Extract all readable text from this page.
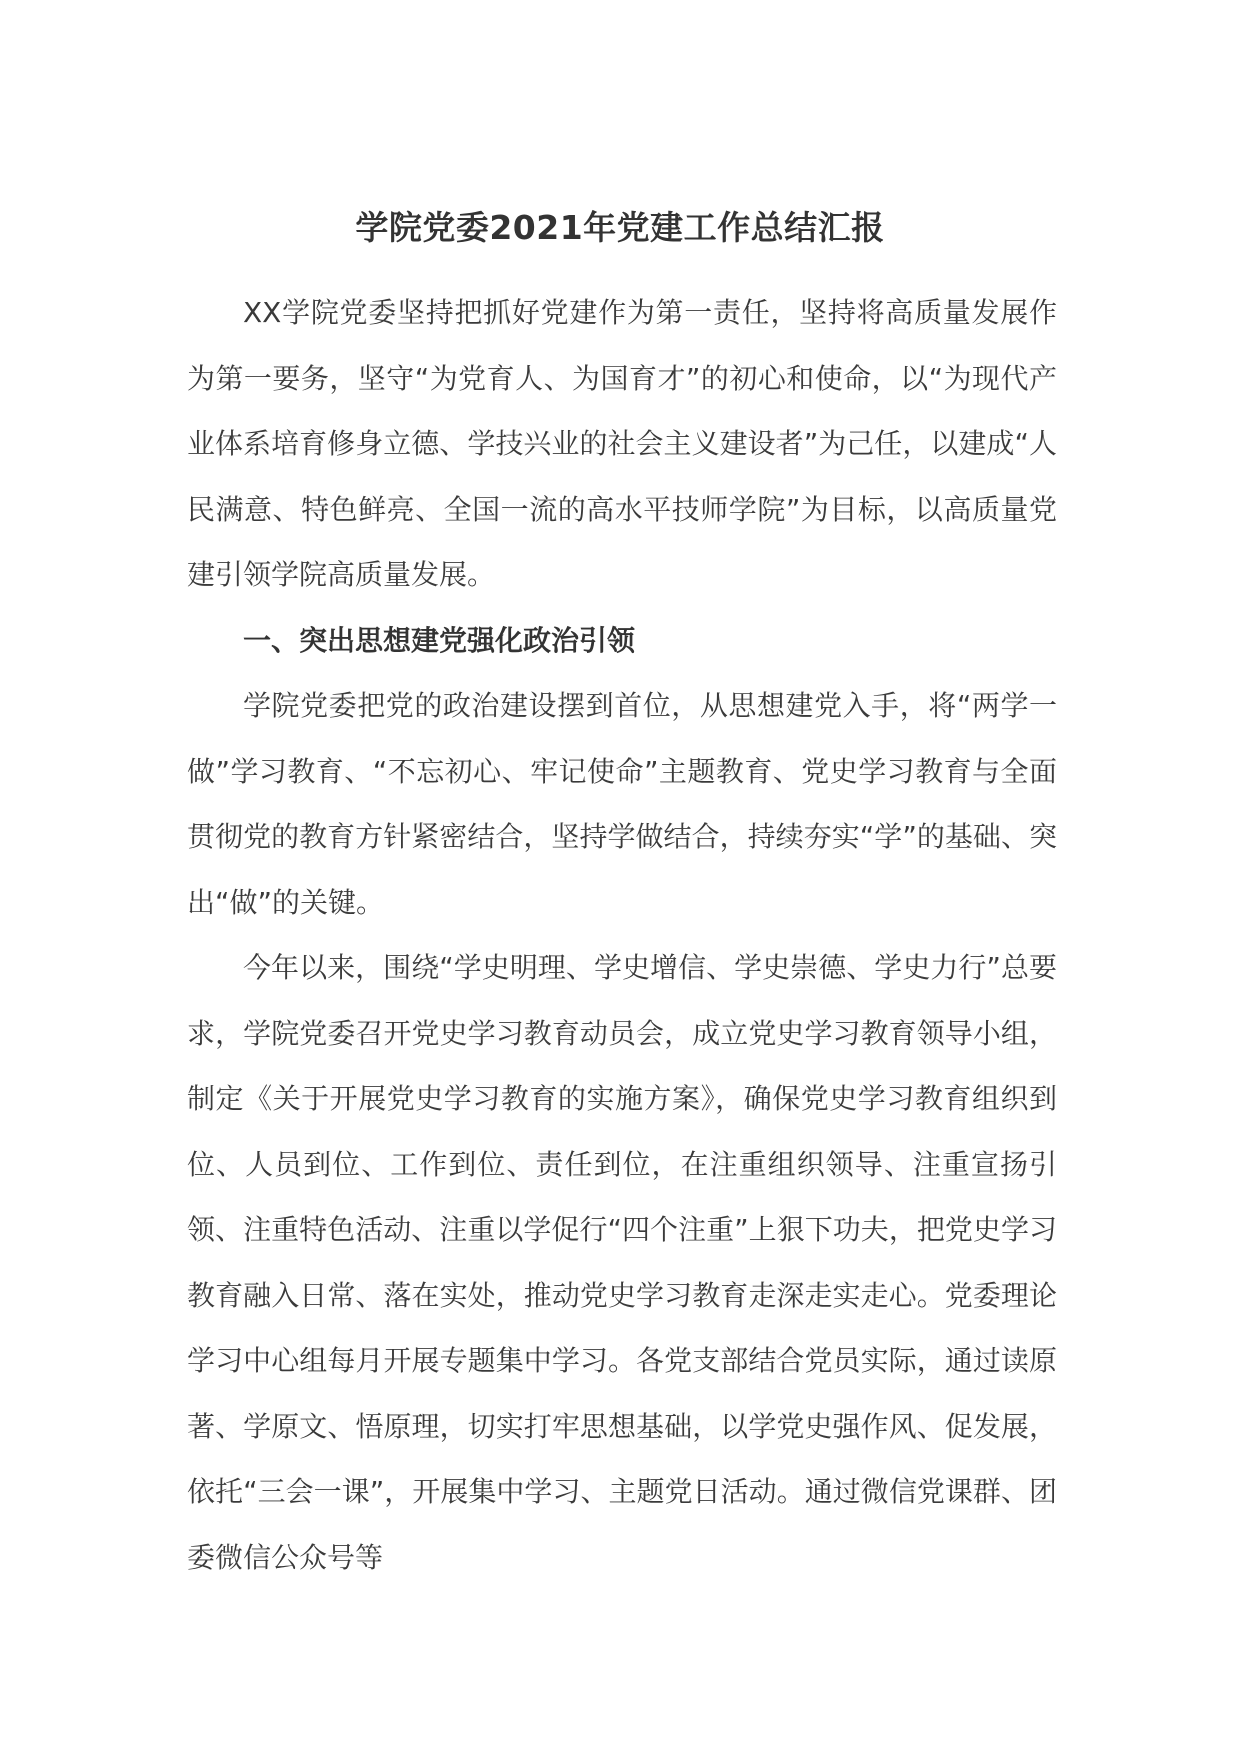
学院党委2021年党建工作总结汇报

XX学院党委坚持把抓好党建作为第一责任，坚持将高质量发展作为第一要务，坚守“为党育人、为国育才”的初心和使命，以“为现代产业体系培育修身立德、学技兴业的社会主义建设者”为己任，以建成“人民满意、特色鲜亮、全国一流的高水平技师学院”为目标，以高质量党建引领学院高质量发展。

一、突出思想建党强化政治引领

学院党委把党的政治建设摆到首位，从思想建党入手，将“两学一做”学习教育、“不忘初心、牢记使命”主题教育、党史学习教育与全面贯彻党的教育方针紧密结合，坚持学做结合，持续夯实“学”的基础、突出“做”的关键。

今年以来，围绕“学史明理、学史增信、学史崇德、学史力行”总要求，学院党委召开党史学习教育动员会，成立党史学习教育领导小组，制定《关于开展党史学习教育的实施方案》，确保党史学习教育组织到位、人员到位、工作到位、责任到位，在注重组织领导、注重宣扬引领、注重特色活动、注重以学促行“四个注重”上狠下功夫，把党史学习教育融入日常、落在实处，推动党史学习教育走深走实走心。党委理论学习中心组每月开展专题集中学习。各党支部结合党员实际，通过读原著、学原文、悟原理，切实打牢思想基础，以学党史强作风、促发展，依托“三会一课”，开展集中学习、主题党日活动。通过微信党课群、团委微信公众号等
